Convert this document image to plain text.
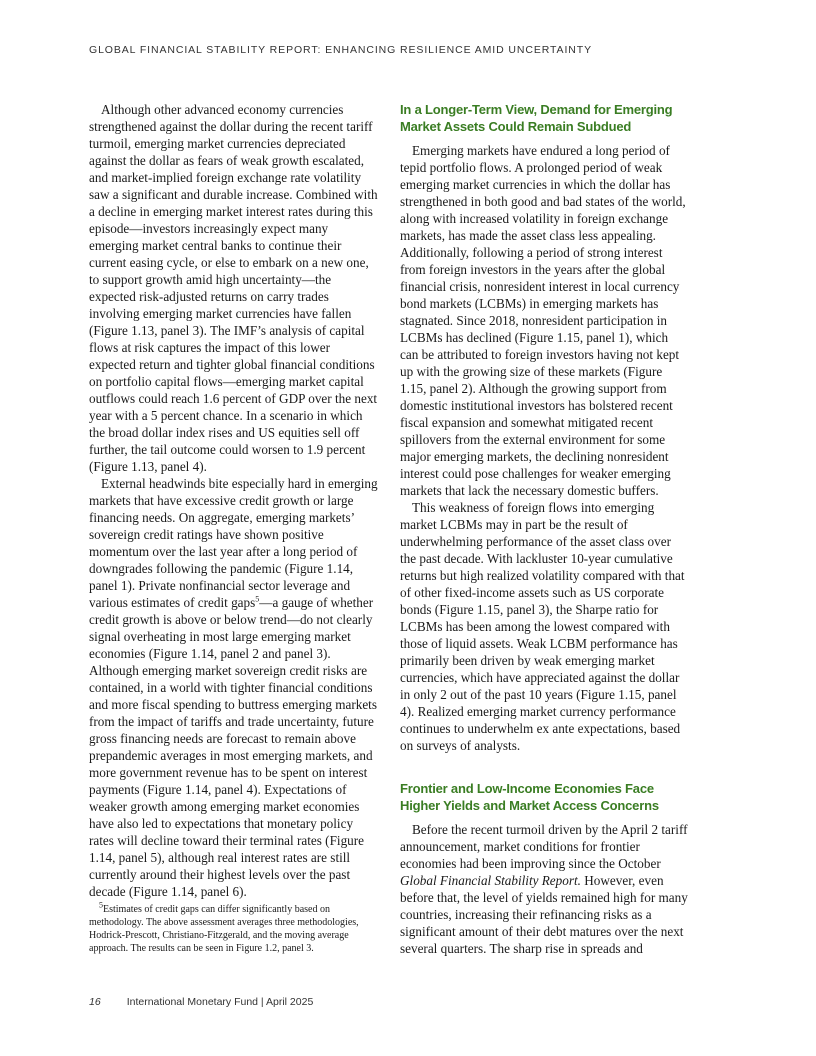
GLOBAL FINANCIAL STABILITY REPORT: ENHANCING RESILIENCE AMID UNCERTAINTY

Although other advanced economy currencies strengthened against the dollar during the recent tariff turmoil, emerging market currencies depreciated against the dollar as fears of weak growth escalated, and market-implied foreign exchange rate volatility saw a significant and durable increase. Combined with a decline in emerging market interest rates during this episode—investors increasingly expect many emerging market central banks to continue their current easing cycle, or else to embark on a new one, to support growth amid high uncertainty—the expected risk-adjusted returns on carry trades involving emerging market currencies have fallen (Figure 1.13, panel 3). The IMF’s analysis of capital flows at risk captures the impact of this lower expected return and tighter global financial conditions on portfolio capital flows—emerging market capital outflows could reach 1.6 percent of GDP over the next year with a 5 percent chance. In a scenario in which the broad dollar index rises and US equities sell off further, the tail outcome could worsen to 1.9 percent (Figure 1.13, panel 4).

External headwinds bite especially hard in emerging markets that have excessive credit growth or large financing needs. On aggregate, emerging markets’ sovereign credit ratings have shown positive momentum over the last year after a long period of downgrades following the pandemic (Figure 1.14, panel 1). Private nonfinancial sector leverage and various estimates of credit gaps$^5$—a gauge of whether credit growth is above or below trend—do not clearly signal overheating in most large emerging market economies (Figure 1.14, panel 2 and panel 3). Although emerging market sovereign credit risks are contained, in a world with tighter financial conditions and more fiscal spending to buttress emerging markets from the impact of tariffs and trade uncertainty, future gross financing needs are forecast to remain above prepandemic averages in most emerging markets, and more government revenue has to be spent on interest payments (Figure 1.14, panel 4). Expectations of weaker growth among emerging market economies have also led to expectations that monetary policy rates will decline toward their terminal rates (Figure 1.14, panel 5), although real interest rates are still currently around their highest levels over the past decade (Figure 1.14, panel 6).

$^5$Estimates of credit gaps can differ significantly based on methodology. The above assessment averages three methodologies, Hodrick-Prescott, Christiano-Fitzgerald, and the moving average approach. The results can be seen in Figure 1.2, panel 3.
In a Longer-Term View, Demand for Emerging Market Assets Could Remain Subdued

Emerging markets have endured a long period of tepid portfolio flows. A prolonged period of weak emerging market currencies in which the dollar has strengthened in both good and bad states of the world, along with increased volatility in foreign exchange markets, has made the asset class less appealing. Additionally, following a period of strong interest from foreign investors in the years after the global financial crisis, nonresident interest in local currency bond markets (LCBMs) in emerging markets has stagnated. Since 2018, nonresident participation in LCBMs has declined (Figure 1.15, panel 1), which can be attributed to foreign investors having not kept up with the growing size of these markets (Figure 1.15, panel 2). Although the growing support from domestic institutional investors has bolstered recent fiscal expansion and somewhat mitigated recent spillovers from the external environment for some major emerging markets, the declining nonresident interest could pose challenges for weaker emerging markets that lack the necessary domestic buffers.

This weakness of foreign flows into emerging market LCBMs may in part be the result of underwhelming performance of the asset class over the past decade. With lackluster 10-year cumulative returns but high realized volatility compared with that of other fixed-income assets such as US corporate bonds (Figure 1.15, panel 3), the Sharpe ratio for LCBMs has been among the lowest compared with those of liquid assets. Weak LCBM performance has primarily been driven by weak emerging market currencies, which have appreciated against the dollar in only 2 out of the past 10 years (Figure 1.15, panel 4). Realized emerging market currency performance continues to underwhelm ex ante expectations, based on surveys of analysts.

Frontier and Low-Income Economies Face Higher Yields and Market Access Concerns

Before the recent turmoil driven by the April 2 tariff announcement, market conditions for frontier economies had been improving since the October Global Financial Stability Report. However, even before that, the level of yields remained high for many countries, increasing their refinancing risks as a significant amount of their debt matures over the next several quarters. The sharp rise in spreads and

16 International Monetary Fund | April 2025
